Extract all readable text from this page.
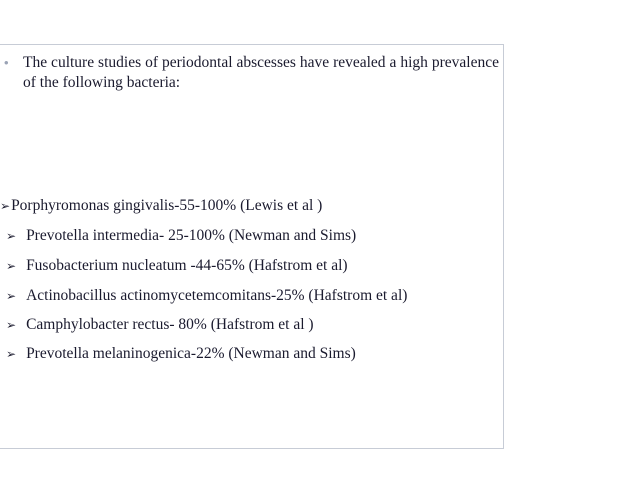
• The culture studies of periodontal abscesses have revealed a high prevalence of the following bacteria:
➢ Porphyromonas gingivalis-55-100% (Lewis et al )
➢ Prevotella intermedia- 25-100% (Newman and Sims)
➢ Fusobacterium nucleatum -44-65% (Hafstrom et al)
➢ Actinobacillus actinomycetemcomitans-25% (Hafstrom et al)
➢ Camphylobacter rectus- 80% (Hafstrom et al )
➢ Prevotella melaninogenica-22% (Newman and Sims)
